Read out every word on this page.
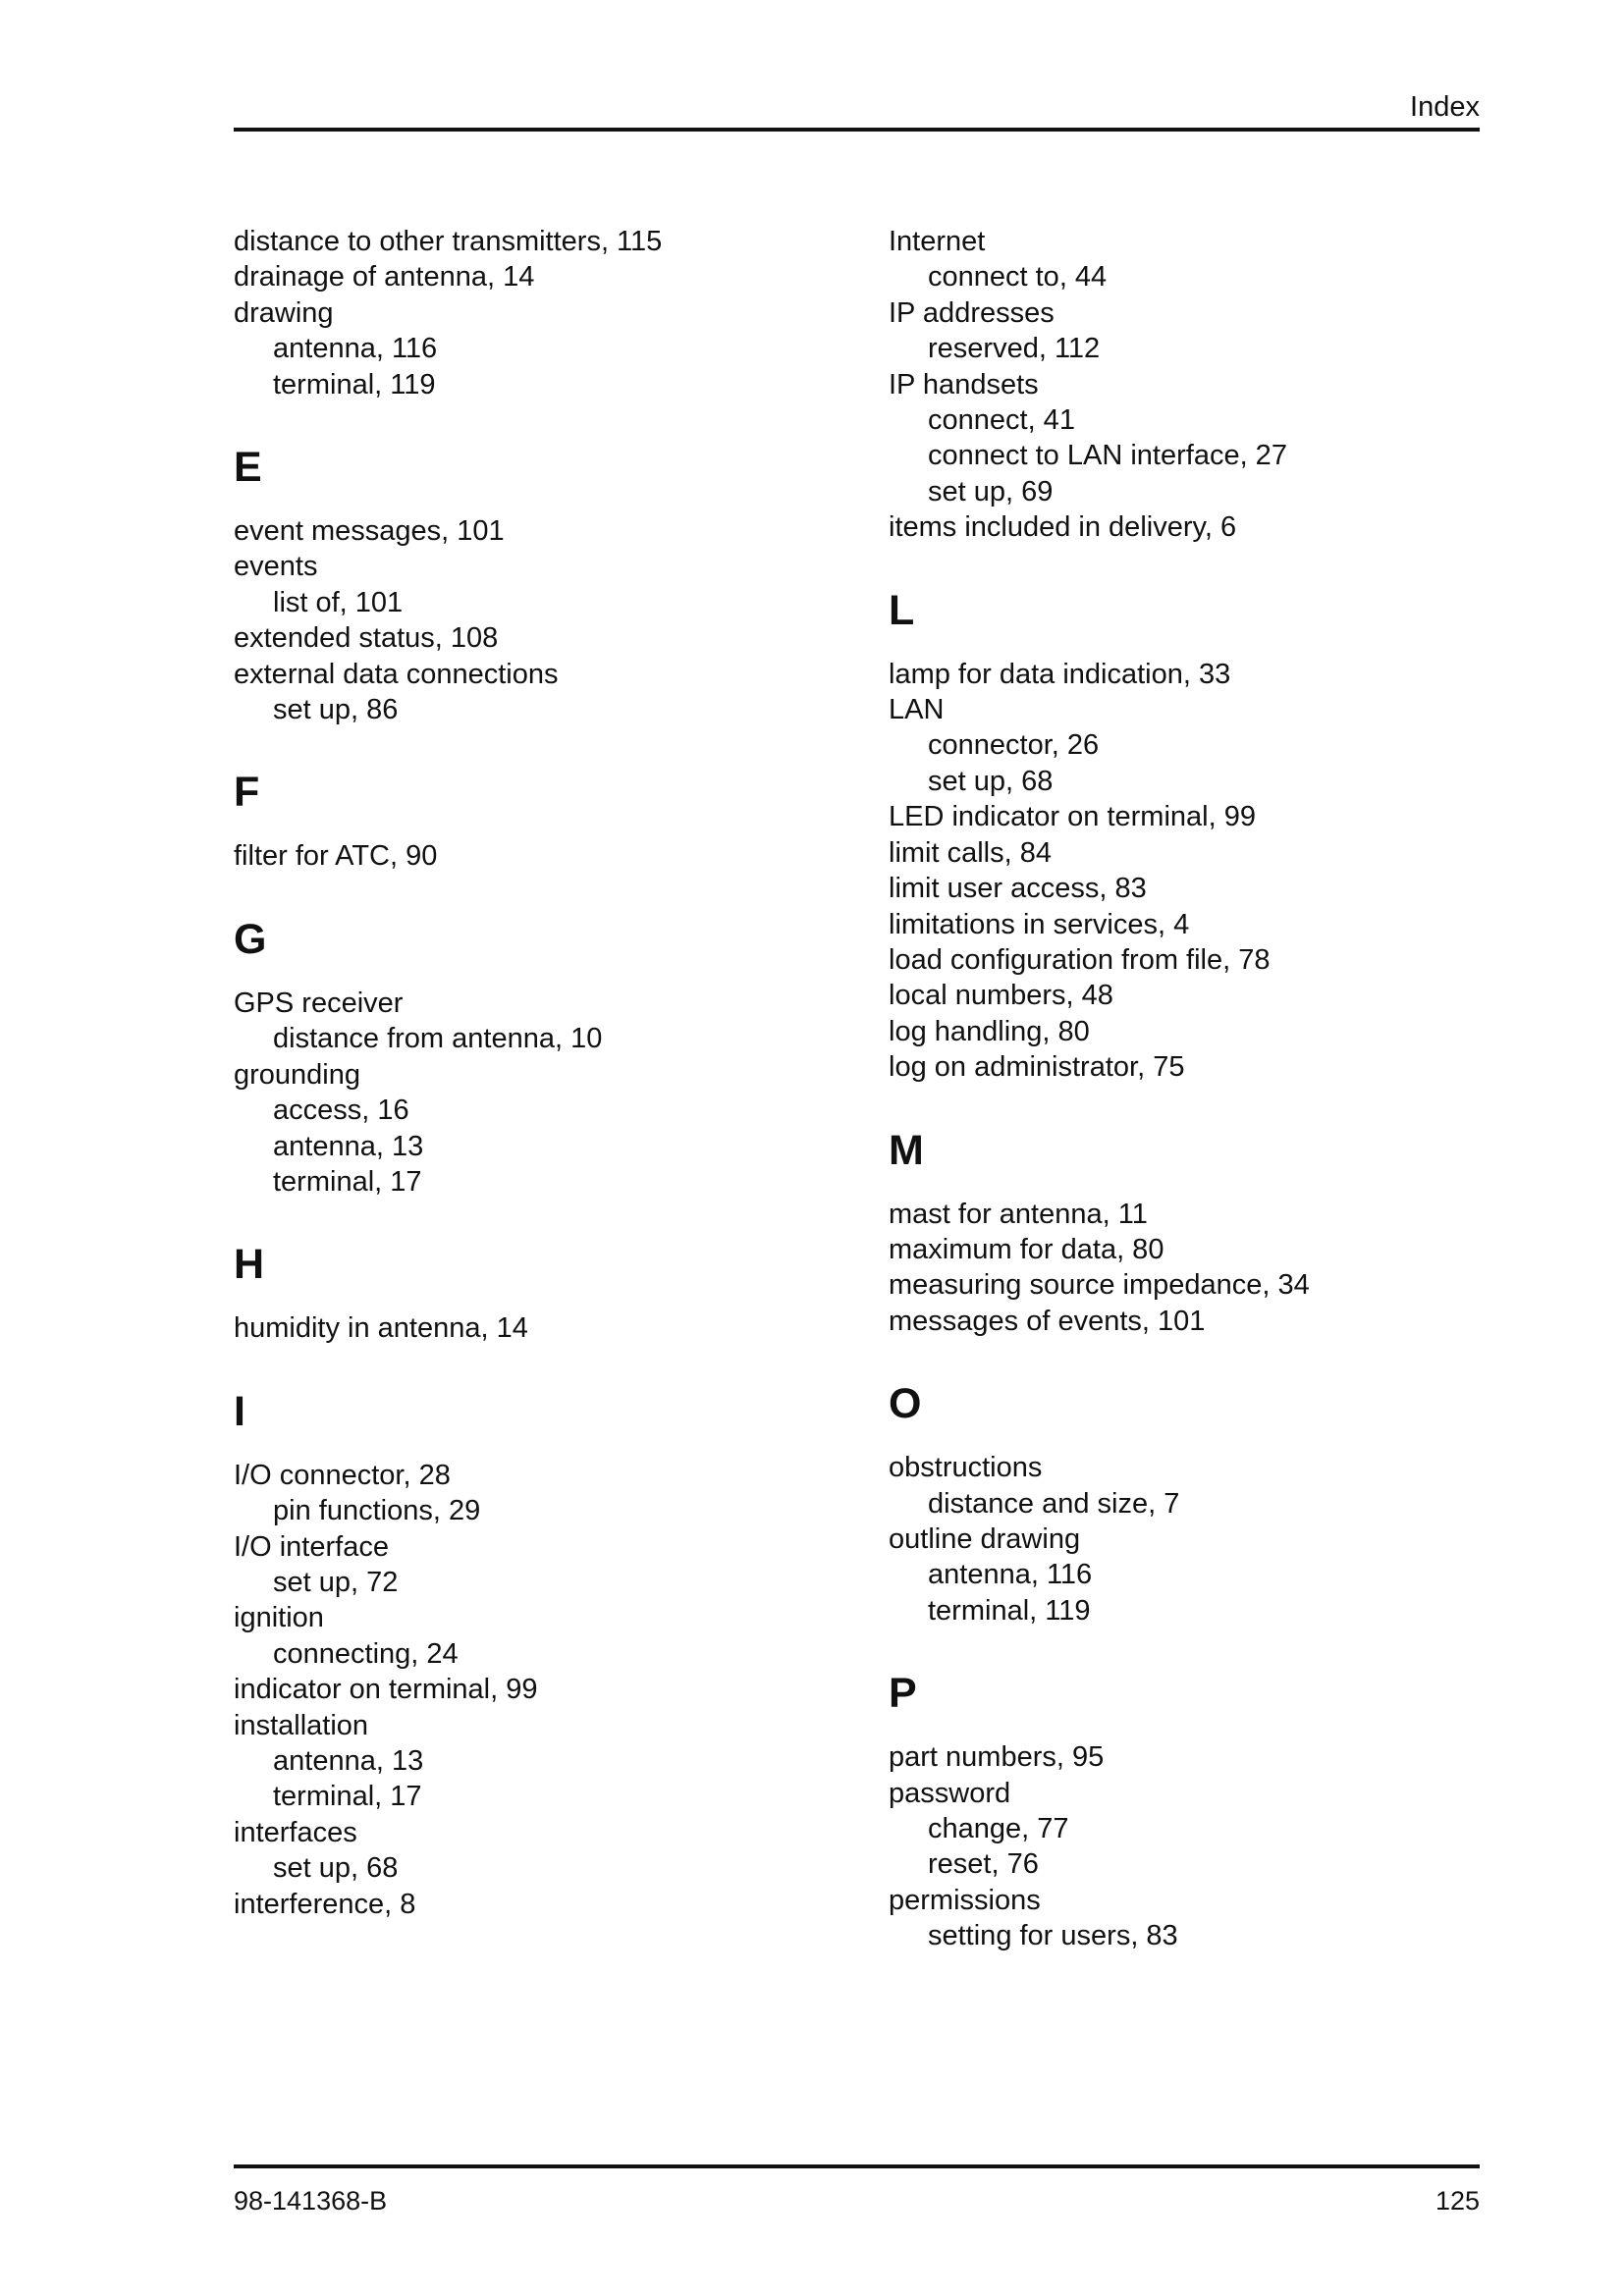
Index
distance to other transmitters, 115
drainage of antenna, 14
drawing
antenna, 116
terminal, 119
E
event messages, 101
events
list of, 101
extended status, 108
external data connections
set up, 86
F
filter for ATC, 90
G
GPS receiver
distance from antenna, 10
grounding
access, 16
antenna, 13
terminal, 17
H
humidity in antenna, 14
I
I/O connector, 28
pin functions, 29
I/O interface
set up, 72
ignition
connecting, 24
indicator on terminal, 99
installation
antenna, 13
terminal, 17
interfaces
set up, 68
interference, 8
Internet
connect to, 44
IP addresses
reserved, 112
IP handsets
connect, 41
connect to LAN interface, 27
set up, 69
items included in delivery, 6
L
lamp for data indication, 33
LAN
connector, 26
set up, 68
LED indicator on terminal, 99
limit calls, 84
limit user access, 83
limitations in services, 4
load configuration from file, 78
local numbers, 48
log handling, 80
log on administrator, 75
M
mast for antenna, 11
maximum for data, 80
measuring source impedance, 34
messages of events, 101
O
obstructions
distance and size, 7
outline drawing
antenna, 116
terminal, 119
P
part numbers, 95
password
change, 77
reset, 76
permissions
setting for users, 83
98-141368-B	125
